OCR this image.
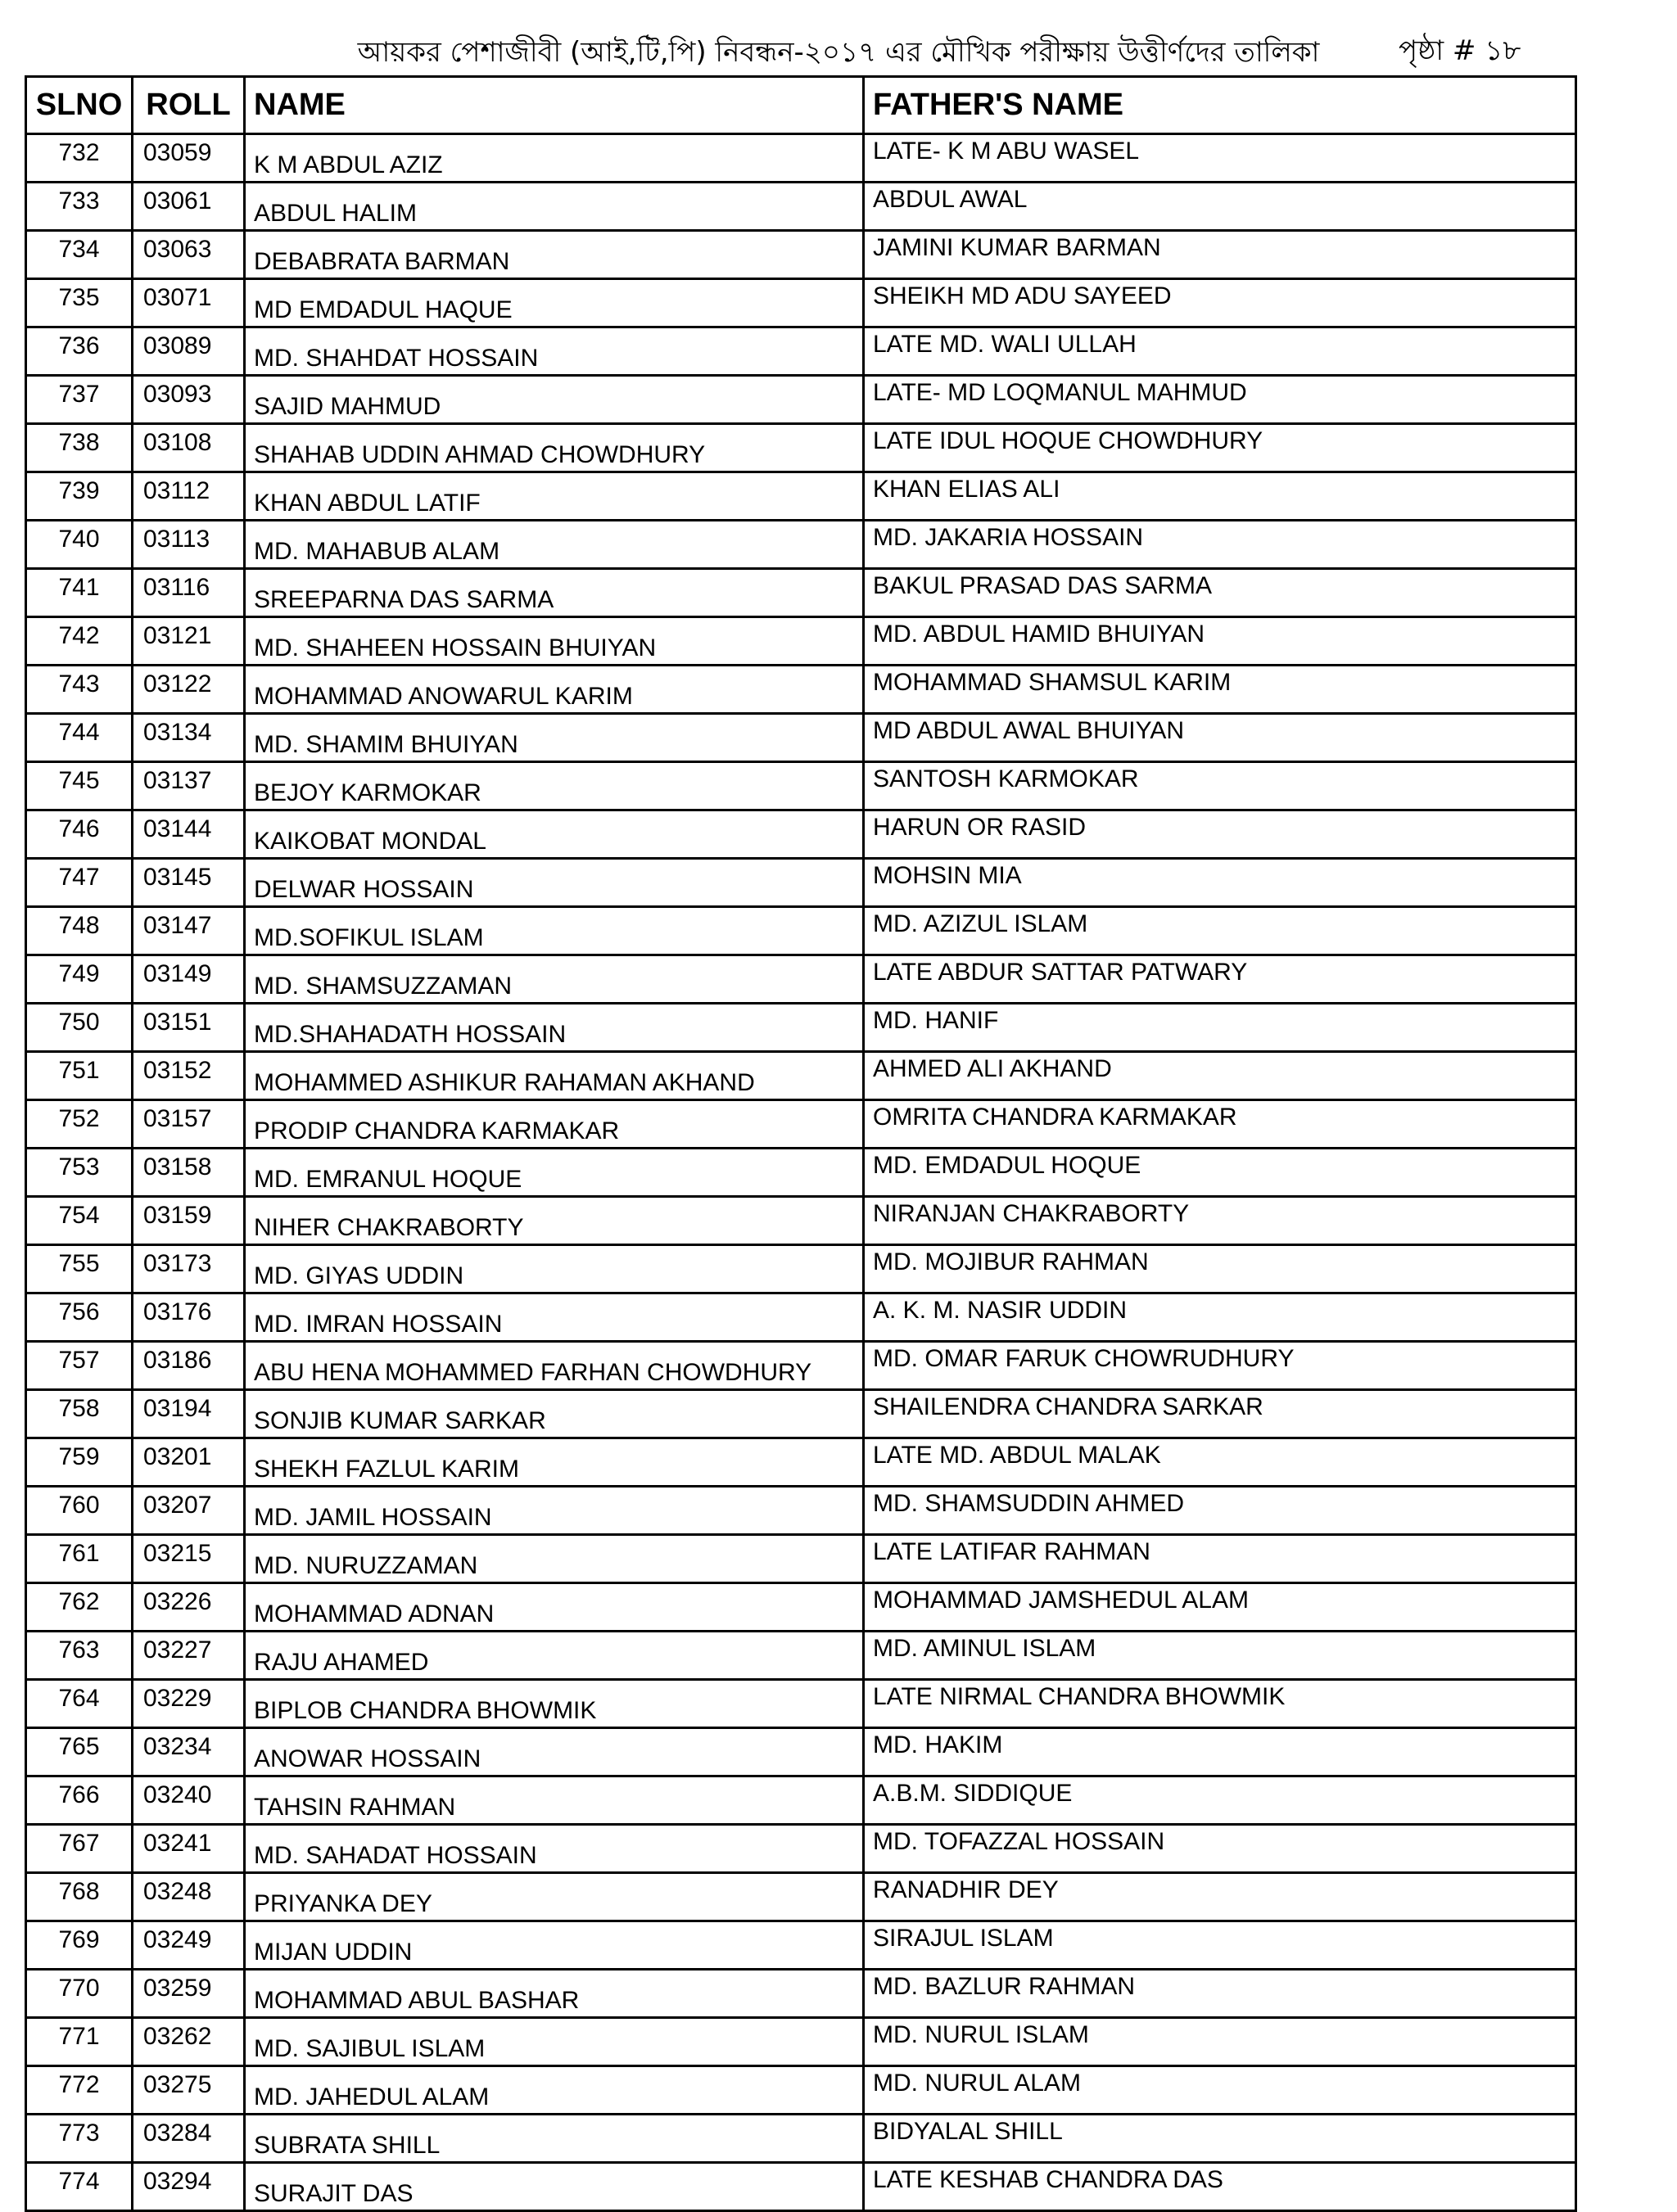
আয়কর পেশাজীবী (আই,টি,পি) নিবন্ধন-২০১৭ এর মৌখিক পরীক্ষায় উত্তীর্ণদের তালিকা	পৃষ্ঠা # ১৮
SLNO	ROLL	NAME	FATHER'S NAME
732	03059	K M ABDUL AZIZ	LATE- K M ABU WASEL
733	03061	ABDUL HALIM	ABDUL AWAL
734	03063	DEBABRATA BARMAN	JAMINI KUMAR BARMAN
735	03071	MD EMDADUL HAQUE	SHEIKH MD ADU SAYEED
736	03089	MD. SHAHDAT HOSSAIN	LATE MD. WALI ULLAH
737	03093	SAJID MAHMUD	LATE- MD LOQMANUL MAHMUD
738	03108	SHAHAB UDDIN AHMAD CHOWDHURY	LATE IDUL HOQUE CHOWDHURY
739	03112	KHAN ABDUL LATIF	KHAN ELIAS ALI
740	03113	MD. MAHABUB ALAM	MD. JAKARIA HOSSAIN
741	03116	SREEPARNA DAS SARMA	BAKUL PRASAD DAS SARMA
742	03121	MD. SHAHEEN HOSSAIN BHUIYAN	MD. ABDUL HAMID BHUIYAN
743	03122	MOHAMMAD ANOWARUL KARIM	MOHAMMAD SHAMSUL KARIM
744	03134	MD. SHAMIM BHUIYAN	MD ABDUL AWAL BHUIYAN
745	03137	BEJOY KARMOKAR	SANTOSH KARMOKAR
746	03144	KAIKOBAT MONDAL	HARUN OR RASID
747	03145	DELWAR HOSSAIN	MOHSIN MIA
748	03147	MD.SOFIKUL ISLAM	MD. AZIZUL ISLAM
749	03149	MD. SHAMSUZZAMAN	LATE ABDUR SATTAR PATWARY
750	03151	MD.SHAHADATH HOSSAIN	MD. HANIF
751	03152	MOHAMMED ASHIKUR RAHAMAN AKHAND	AHMED ALI AKHAND
752	03157	PRODIP CHANDRA KARMAKAR	OMRITA CHANDRA KARMAKAR
753	03158	MD. EMRANUL HOQUE	MD. EMDADUL HOQUE
754	03159	NIHER CHAKRABORTY	NIRANJAN CHAKRABORTY
755	03173	MD. GIYAS UDDIN	MD. MOJIBUR RAHMAN
756	03176	MD. IMRAN HOSSAIN	A. K. M. NASIR UDDIN
757	03186	ABU HENA MOHAMMED FARHAN CHOWDHURY	MD. OMAR FARUK CHOWRUDHURY
758	03194	SONJIB KUMAR SARKAR	SHAILENDRA CHANDRA SARKAR
759	03201	SHEKH FAZLUL KARIM	LATE MD. ABDUL MALAK
760	03207	MD. JAMIL HOSSAIN	MD. SHAMSUDDIN AHMED
761	03215	MD. NURUZZAMAN	LATE LATIFAR RAHMAN
762	03226	MOHAMMAD ADNAN	MOHAMMAD JAMSHEDUL ALAM
763	03227	RAJU AHAMED	MD. AMINUL ISLAM
764	03229	BIPLOB CHANDRA BHOWMIK	LATE NIRMAL CHANDRA BHOWMIK
765	03234	ANOWAR HOSSAIN	MD. HAKIM
766	03240	TAHSIN RAHMAN	A.B.M. SIDDIQUE
767	03241	MD. SAHADAT HOSSAIN	MD. TOFAZZAL HOSSAIN
768	03248	PRIYANKA DEY	RANADHIR DEY
769	03249	MIJAN UDDIN	SIRAJUL ISLAM
770	03259	MOHAMMAD ABUL BASHAR	MD. BAZLUR RAHMAN
771	03262	MD. SAJIBUL ISLAM	MD. NURUL ISLAM
772	03275	MD. JAHEDUL ALAM	MD. NURUL ALAM
773	03284	SUBRATA SHILL	BIDYALAL SHILL
774	03294	SURAJIT DAS	LATE KESHAB CHANDRA DAS
